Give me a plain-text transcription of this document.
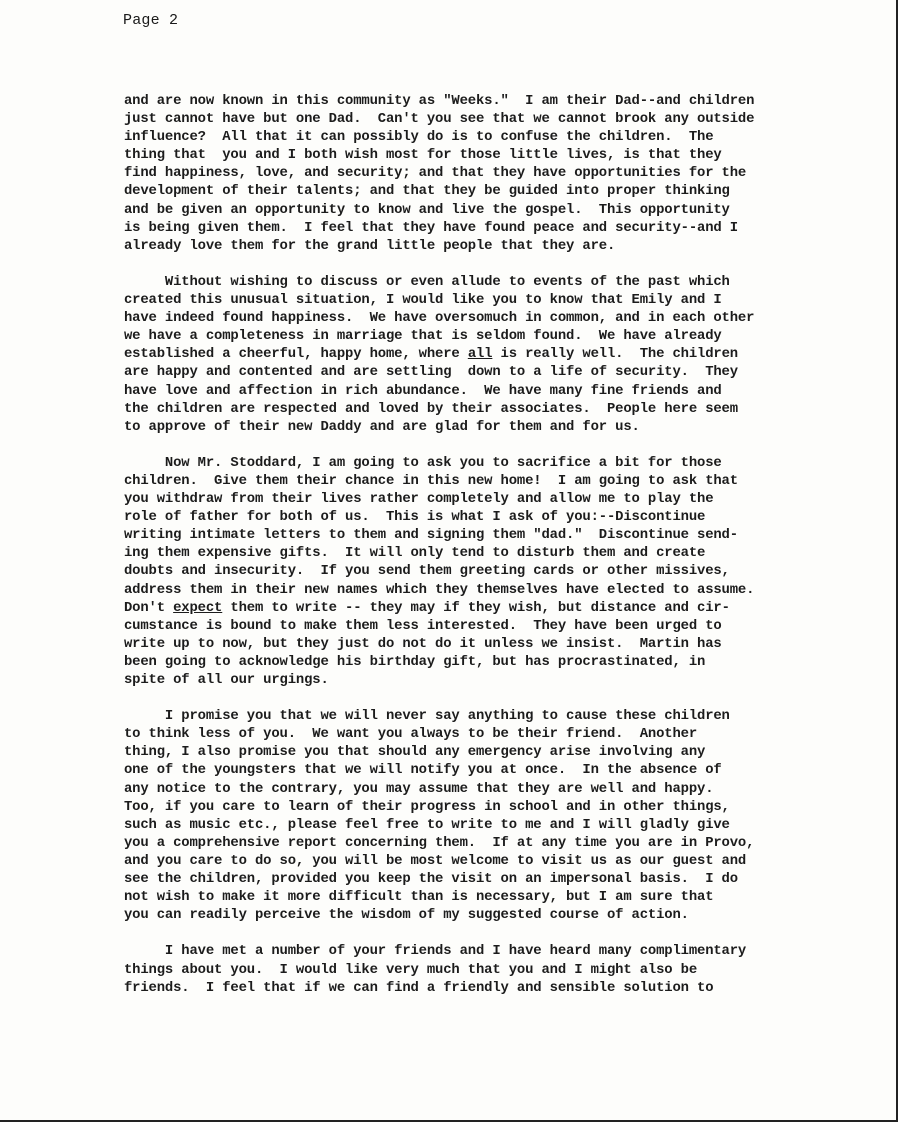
Page 2
and are now known in this community as "Weeks."  I am their Dad--and children
just cannot have but one Dad.  Can't you see that we cannot brook any outside
influence?  All that it can possibly do is to confuse the children.  The
thing that  you and I both wish most for those little lives, is that they
find happiness, love, and security; and that they have opportunities for the
development of their talents; and that they be guided into proper thinking
and be given an opportunity to know and live the gospel.  This opportunity
is being given them.  I feel that they have found peace and security--and I
already love them for the grand little people that they are.
Without wishing to discuss or even allude to events of the past which
created this unusual situation, I would like you to know that Emily and I
have indeed found happiness.  We have oversomuch in common, and in each other
we have a completeness in marriage that is seldom found.  We have already
established a cheerful, happy home, where all is really well.  The children
are happy and contented and are settling  down to a life of security.  They
have love and affection in rich abundance.  We have many fine friends and
the children are respected and loved by their associates.  People here seem
to approve of their new Daddy and are glad for them and for us.
Now Mr. Stoddard, I am going to ask you to sacrifice a bit for those
children.  Give them their chance in this new home!  I am going to ask that
you withdraw from their lives rather completely and allow me to play the
role of father for both of us.  This is what I ask of you:--Discontinue
writing intimate letters to them and signing them "dad."  Discontinue send-
ing them expensive gifts.  It will only tend to disturb them and create
doubts and insecurity.  If you send them greeting cards or other missives,
address them in their new names which they themselves have elected to assume.
Don't expect them to write -- they may if they wish, but distance and cir-
cumstance is bound to make them less interested.  They have been urged to
write up to now, but they just do not do it unless we insist.  Martin has
been going to acknowledge his birthday gift, but has procrastinated, in
spite of all our urgings.
I promise you that we will never say anything to cause these children
to think less of you.  We want you always to be their friend.  Another
thing, I also promise you that should any emergency arise involving any
one of the youngsters that we will notify you at once.  In the absence of
any notice to the contrary, you may assume that they are well and happy.
Too, if you care to learn of their progress in school and in other things,
such as music etc., please feel free to write to me and I will gladly give
you a comprehensive report concerning them.  If at any time you are in Provo,
and you care to do so, you will be most welcome to visit us as our guest and
see the children, provided you keep the visit on an impersonal basis.  I do
not wish to make it more difficult than is necessary, but I am sure that
you can readily perceive the wisdom of my suggested course of action.
I have met a number of your friends and I have heard many complimentary
things about you.  I would like very much that you and I might also be
friends.  I feel that if we can find a friendly and sensible solution to
